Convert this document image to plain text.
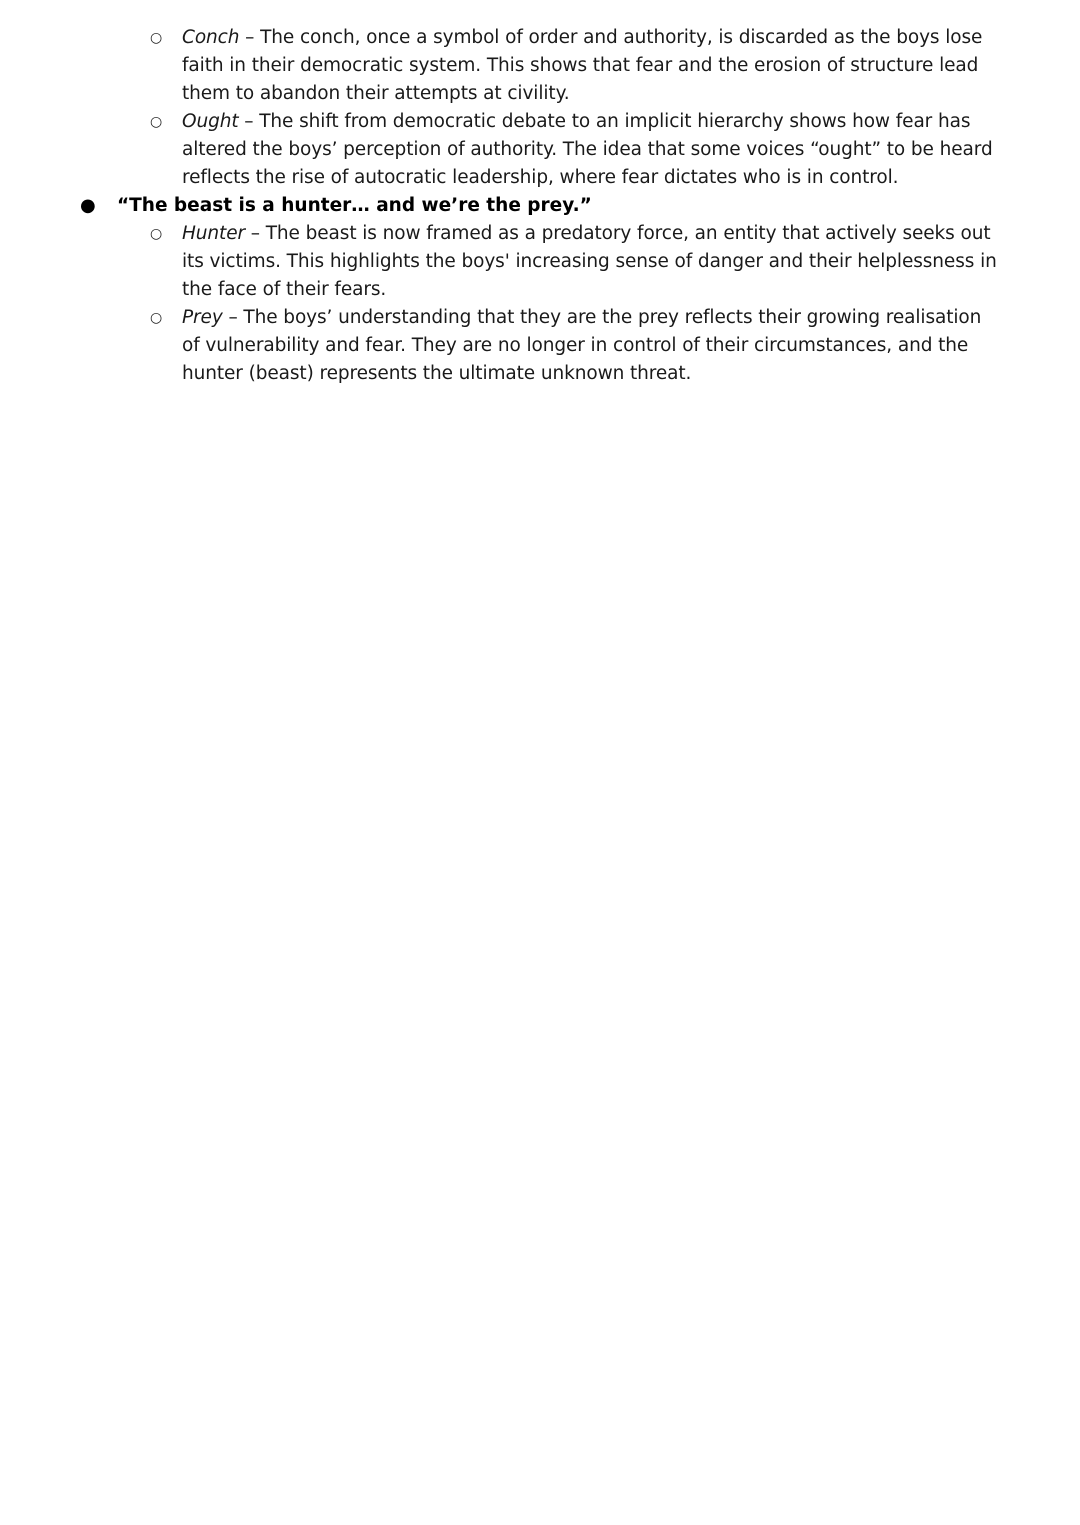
○ Conch – The conch, once a symbol of order and authority, is discarded as the boys lose faith in their democratic system. This shows that fear and the erosion of structure lead them to abandon their attempts at civility.
○ Ought – The shift from democratic debate to an implicit hierarchy shows how fear has altered the boys’ perception of authority. The idea that some voices “ought” to be heard reflects the rise of autocratic leadership, where fear dictates who is in control.
● “The beast is a hunter… and we’re the prey.”
○ Hunter – The beast is now framed as a predatory force, an entity that actively seeks out its victims. This highlights the boys' increasing sense of danger and their helplessness in the face of their fears.
○ Prey – The boys’ understanding that they are the prey reflects their growing realisation of vulnerability and fear. They are no longer in control of their circumstances, and the hunter (beast) represents the ultimate unknown threat.
